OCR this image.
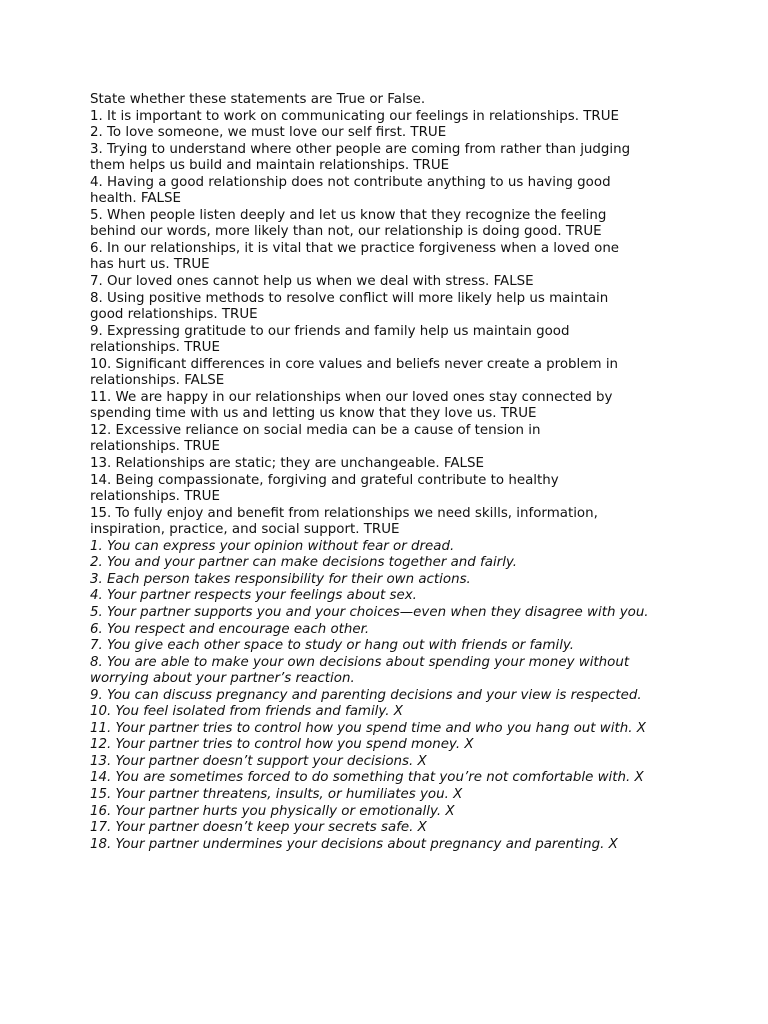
State whether these statements are True or False.
1. It is important to work on communicating our feelings in relationships. TRUE
2. To love someone, we must love our self first. TRUE
3. Trying to understand where other people are coming from rather than judging
them helps us build and maintain relationships. TRUE
4. Having a good relationship does not contribute anything to us having good
health. FALSE
5. When people listen deeply and let us know that they recognize the feeling
behind our words, more likely than not, our relationship is doing good. TRUE
6. In our relationships, it is vital that we practice forgiveness when a loved one
has hurt us. TRUE
7. Our loved ones cannot help us when we deal with stress. FALSE
8. Using positive methods to resolve conflict will more likely help us maintain
good relationships. TRUE
9. Expressing gratitude to our friends and family help us maintain good
relationships. TRUE
10. Significant differences in core values and beliefs never create a problem in
relationships. FALSE
11. We are happy in our relationships when our loved ones stay connected by
spending time with us and letting us know that they love us. TRUE
12. Excessive reliance on social media can be a cause of tension in
relationships. TRUE
13. Relationships are static; they are unchangeable. FALSE
14. Being compassionate, forgiving and grateful contribute to healthy
relationships. TRUE
15. To fully enjoy and benefit from relationships we need skills, information,
inspiration, practice, and social support. TRUE
1. You can express your opinion without fear or dread.
2. You and your partner can make decisions together and fairly.
3. Each person takes responsibility for their own actions.
4. Your partner respects your feelings about sex.
5. Your partner supports you and your choices—even when they disagree with you.
6. You respect and encourage each other.
7. You give each other space to study or hang out with friends or family.
8. You are able to make your own decisions about spending your money without
worrying about your partner’s reaction.
9. You can discuss pregnancy and parenting decisions and your view is respected.
10. You feel isolated from friends and family. X
11. Your partner tries to control how you spend time and who you hang out with. X
12. Your partner tries to control how you spend money. X
13. Your partner doesn’t support your decisions. X
14. You are sometimes forced to do something that you’re not comfortable with. X
15. Your partner threatens, insults, or humiliates you. X
16. Your partner hurts you physically or emotionally. X
17. Your partner doesn’t keep your secrets safe. X
18. Your partner undermines your decisions about pregnancy and parenting. X
